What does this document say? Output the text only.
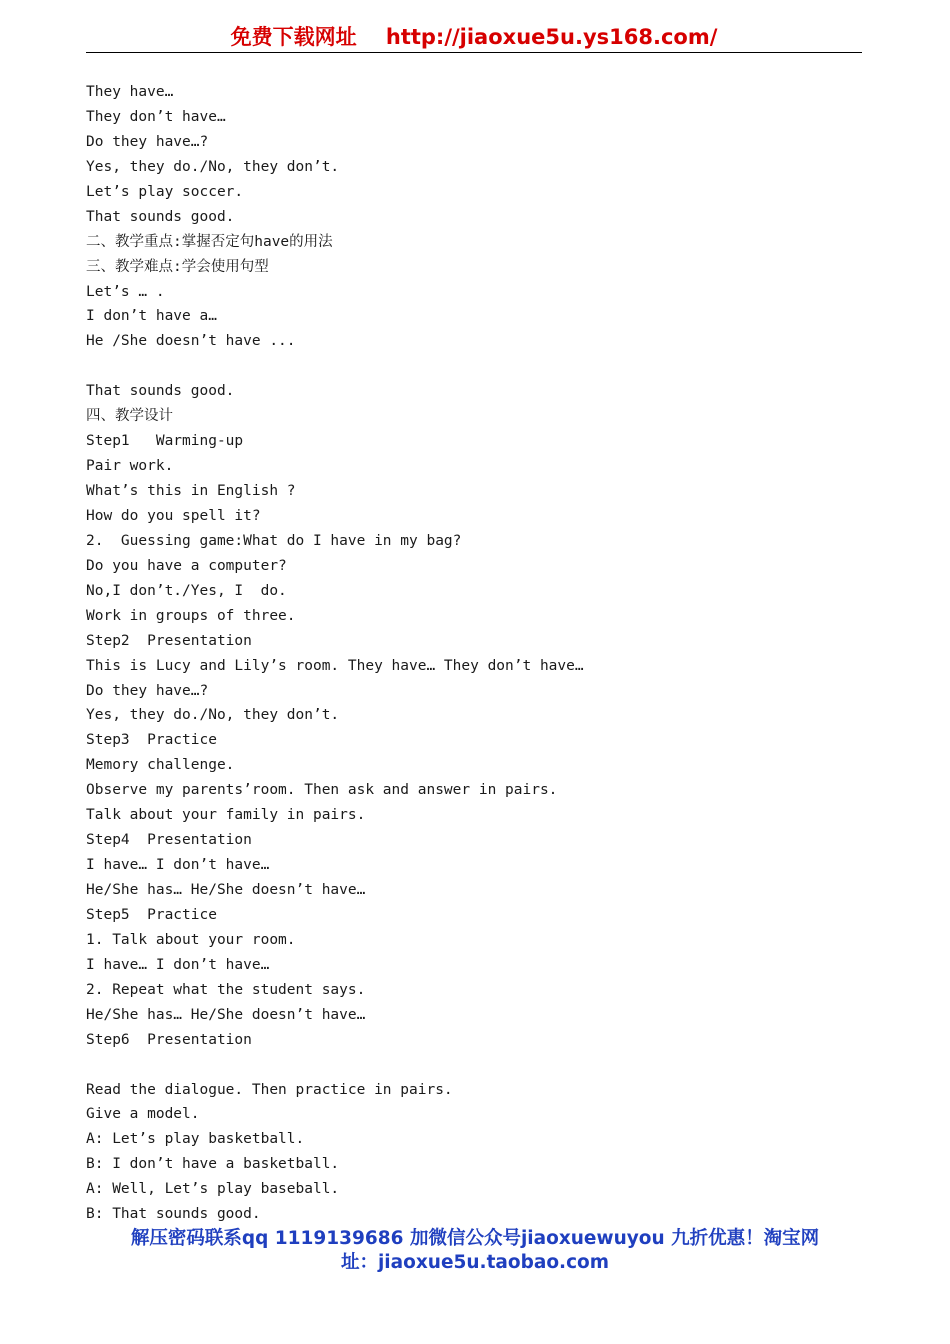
免费下载网址    http://jiaoxue5u.ys168.com/
They have…
They don’t have…
Do they have…?
Yes, they do./No, they don’t.
Let’s play soccer.
That sounds good.
二、教学重点:掌握否定句have的用法
三、教学难点:学会使用句型
Let’s … .
I don’t have a…
He /She doesn’t have ...
That sounds good.
四、教学设计
Step1   Warming-up
Pair work.
What’s this in English ?
How do you spell it?
2.  Guessing game:What do I have in my bag?
Do you have a computer?
No,I don’t./Yes, I  do.
Work in groups of three.
Step2  Presentation
This is Lucy and Lily’s room. They have… They don’t have…
Do they have…?
Yes, they do./No, they don’t.
Step3  Practice
Memory challenge.
Observe my parents’room. Then ask and answer in pairs.
Talk about your family in pairs.
Step4  Presentation
I have… I don’t have…
He/She has… He/She doesn’t have…
Step5  Practice
1. Talk about your room.
I have… I don’t have…
2. Repeat what the student says.
He/She has… He/She doesn’t have…
Step6  Presentation
Read the dialogue. Then practice in pairs.
Give a model.
A: Let’s play basketball.
B: I don’t have a basketball.
A: Well, Let’s play baseball.
B: That sounds good.
解压密码联系qq 1119139686 加微信公众号jiaoxuewuyou 九折优惠！淘宝网
址：jiaoxue5u.taobao.com
